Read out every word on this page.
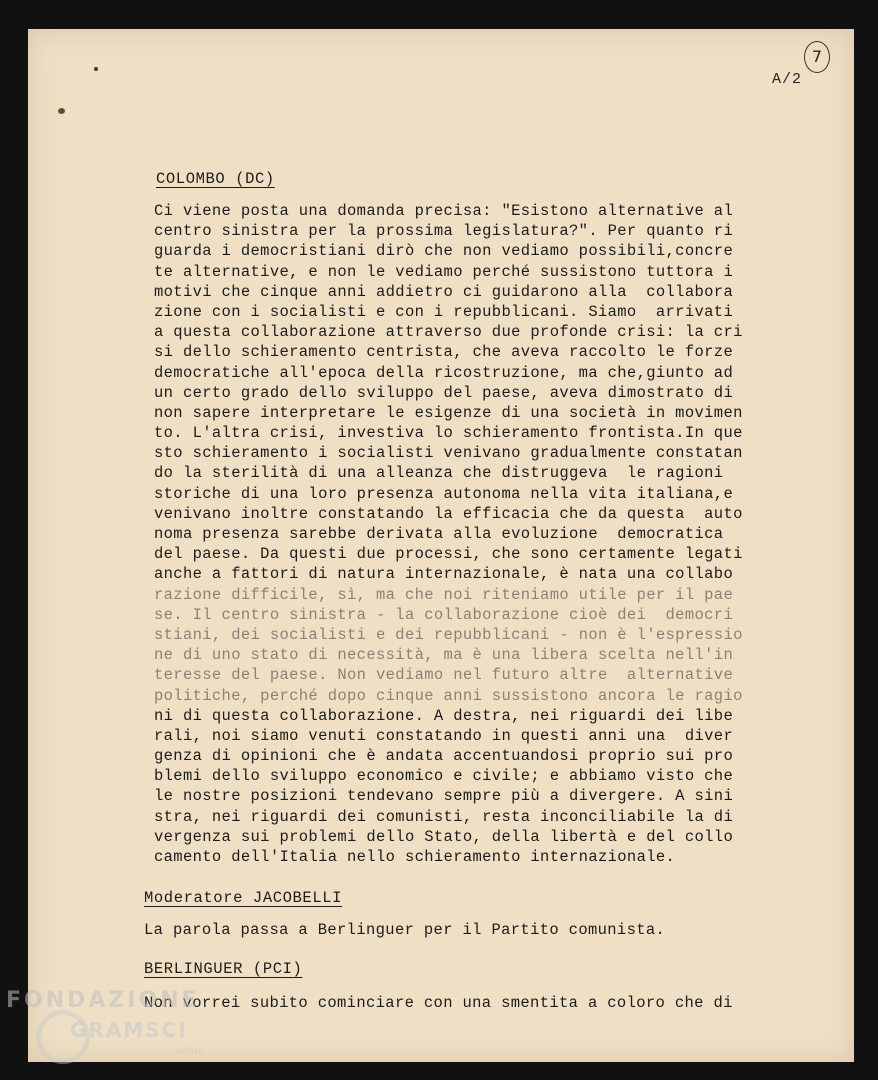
A/2
7
COLOMBO (DC)
Ci viene posta una domanda precisa: "Esistono alternative al
centro sinistra per la prossima legislatura?". Per quanto ri
guarda i democristiani dirò che non vediamo possibili,concre
te alternative, e non le vediamo perché sussistono tuttora i
motivi che cinque anni addietro ci guidarono alla  collabora
zione con i socialisti e con i repubblicani. Siamo  arrivati
a questa collaborazione attraverso due profonde crisi: la cri
si dello schieramento centrista, che aveva raccolto le forze
democratiche all'epoca della ricostruzione, ma che,giunto ad
un certo grado dello sviluppo del paese, aveva dimostrato di
non sapere interpretare le esigenze di una società in movimen
to. L'altra crisi, investiva lo schieramento frontista.In que
sto schieramento i socialisti venivano gradualmente constatan
do la sterilità di una alleanza che distruggeva  le ragioni
storiche di una loro presenza autonoma nella vita italiana,e
venivano inoltre constatando la efficacia che da questa  auto
noma presenza sarebbe derivata alla evoluzione  democratica
del paese. Da questi due processi, che sono certamente legati
anche a fattori di natura internazionale, è nata una collabo
razione difficile, sì, ma che noi riteniamo utile per il pae
se. Il centro sinistra - la collaborazione cioè dei  democri
stiani, dei socialisti e dei repubblicani - non è l'espressio
ne di uno stato di necessità, ma è una libera scelta nell'in
teresse del paese. Non vediamo nel futuro altre  alternative
politiche, perché dopo cinque anni sussistono ancora le ragio
ni di questa collaborazione. A destra, nei riguardi dei libe
rali, noi siamo venuti constatando in questi anni una  diver
genza di opinioni che è andata accentuandosi proprio sui pro
blemi dello sviluppo economico e civile; e abbiamo visto che
le nostre posizioni tendevano sempre più a divergere. A sini
stra, nei riguardi dei comunisti, resta inconciliabile la di
vergenza sui problemi dello Stato, della libertà e del collo
camento dell'Italia nello schieramento internazionale.
Moderatore JACOBELLI
La parola passa a Berlinguer per il Partito comunista.
BERLINGUER (PCI)
Non vorrei subito cominciare con una smentita a coloro che di
FONDAZIONE
GRAMSCI
onlus
